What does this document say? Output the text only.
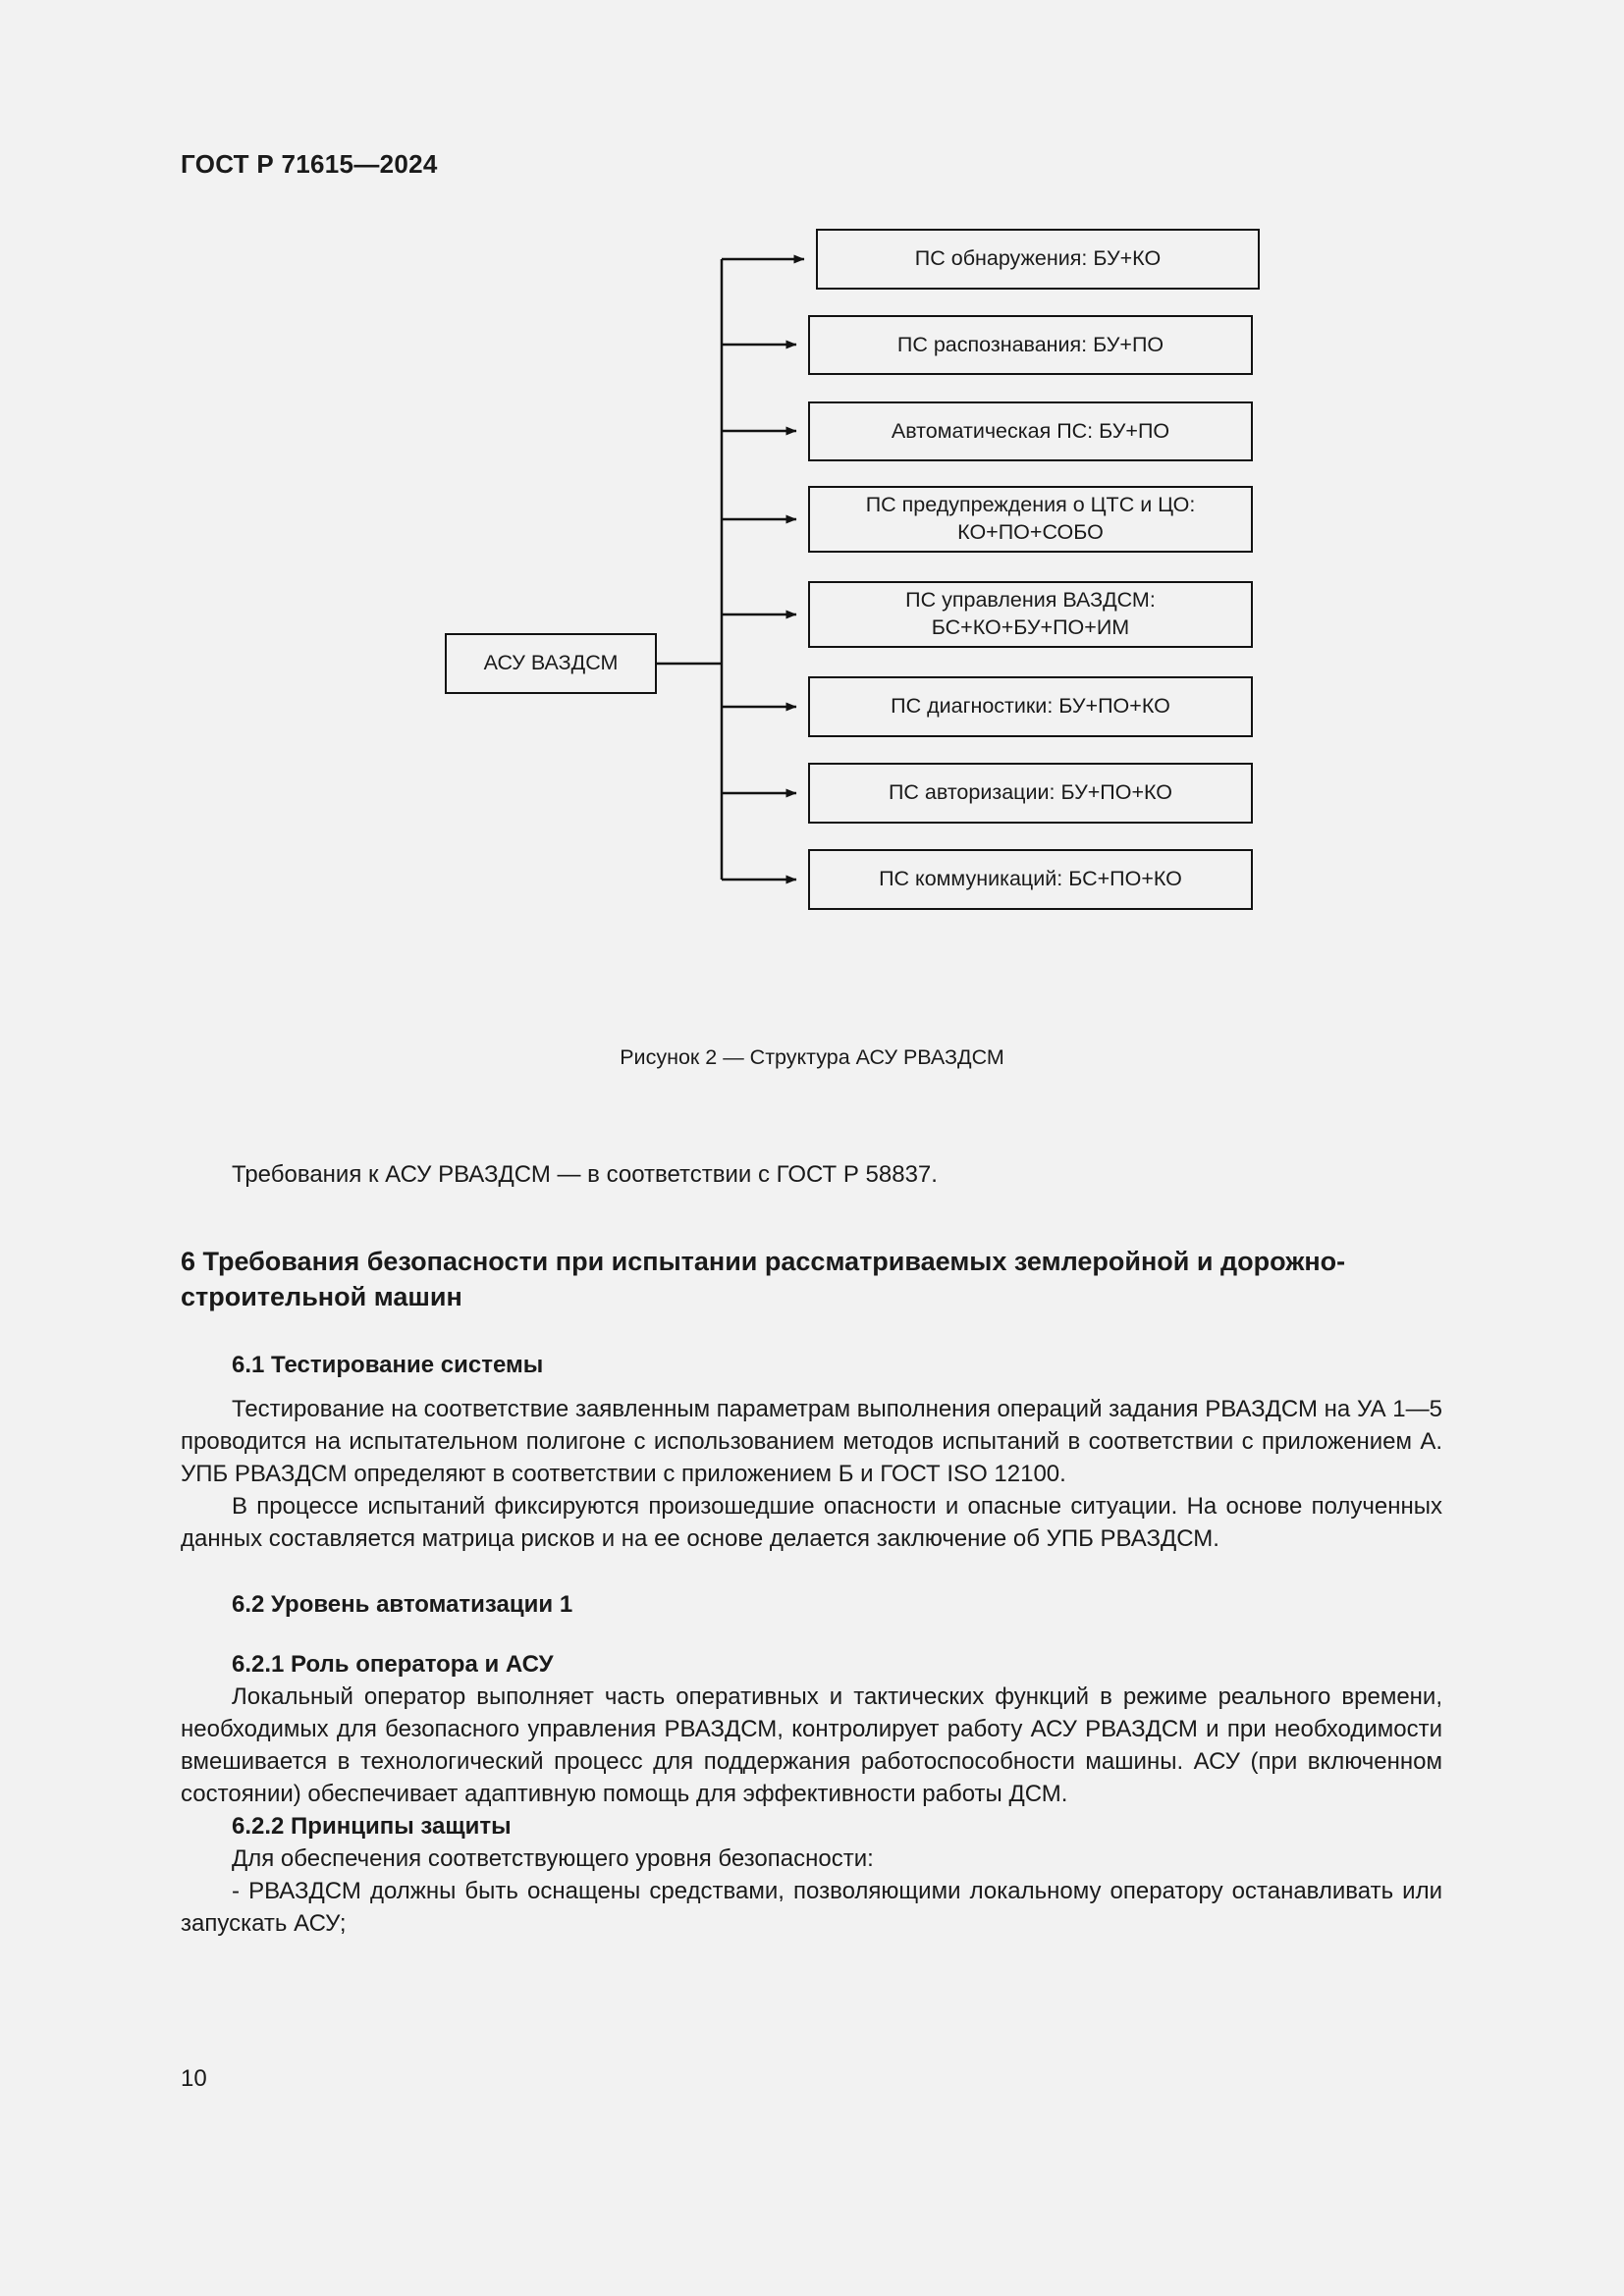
ГОСТ Р 71615—2024
АСУ ВАЗДСМ
ПС обнаружения: БУ+КО
ПС распознавания: БУ+ПО
Автоматическая ПС: БУ+ПО
ПС предупреждения о ЦТС и ЦО:
КО+ПО+СОБО
ПС управления ВАЗДСМ:
БС+КО+БУ+ПО+ИМ
ПС диагностики: БУ+ПО+КО
ПС авторизации: БУ+ПО+КО
ПС коммуникаций: БС+ПО+КО
Рисунок 2 — Структура АСУ РВАЗДСМ

Требования к АСУ РВАЗДСМ — в соответствии с ГОСТ Р 58837.

6 Требования безопасности при испытании рассматриваемых землеройной и дорожно-строительной машин
6.1 Тестирование системы

Тестирование на соответствие заявленным параметрам выполнения операций задания РВАЗДСМ на УА 1—5 проводится на испытательном полигоне с использованием методов испытаний в соответствии с приложением А. УПБ РВАЗДСМ определяют в соответствии с приложением Б и ГОСТ ISO 12100.

В процессе испытаний фиксируются произошедшие опасности и опасные ситуации. На основе полученных данных составляется матрица рисков и на ее основе делается заключение об УПБ РВАЗДСМ.

6.2 Уровень автоматизации 1
6.2.1 Роль оператора и АСУ

Локальный оператор выполняет часть оперативных и тактических функций в режиме реального времени, необходимых для безопасного управления РВАЗДСМ, контролирует работу АСУ РВАЗДСМ и при необходимости вмешивается в технологический процесс для поддержания работоспособности машины. АСУ (при включенном состоянии) обеспечивает адаптивную помощь для эффективности работы ДСМ.

6.2.2 Принципы защиты

Для обеспечения соответствующего уровня безопасности:

- РВАЗДСМ должны быть оснащены средствами, позволяющими локальному оператору останавливать или запускать АСУ;

10
